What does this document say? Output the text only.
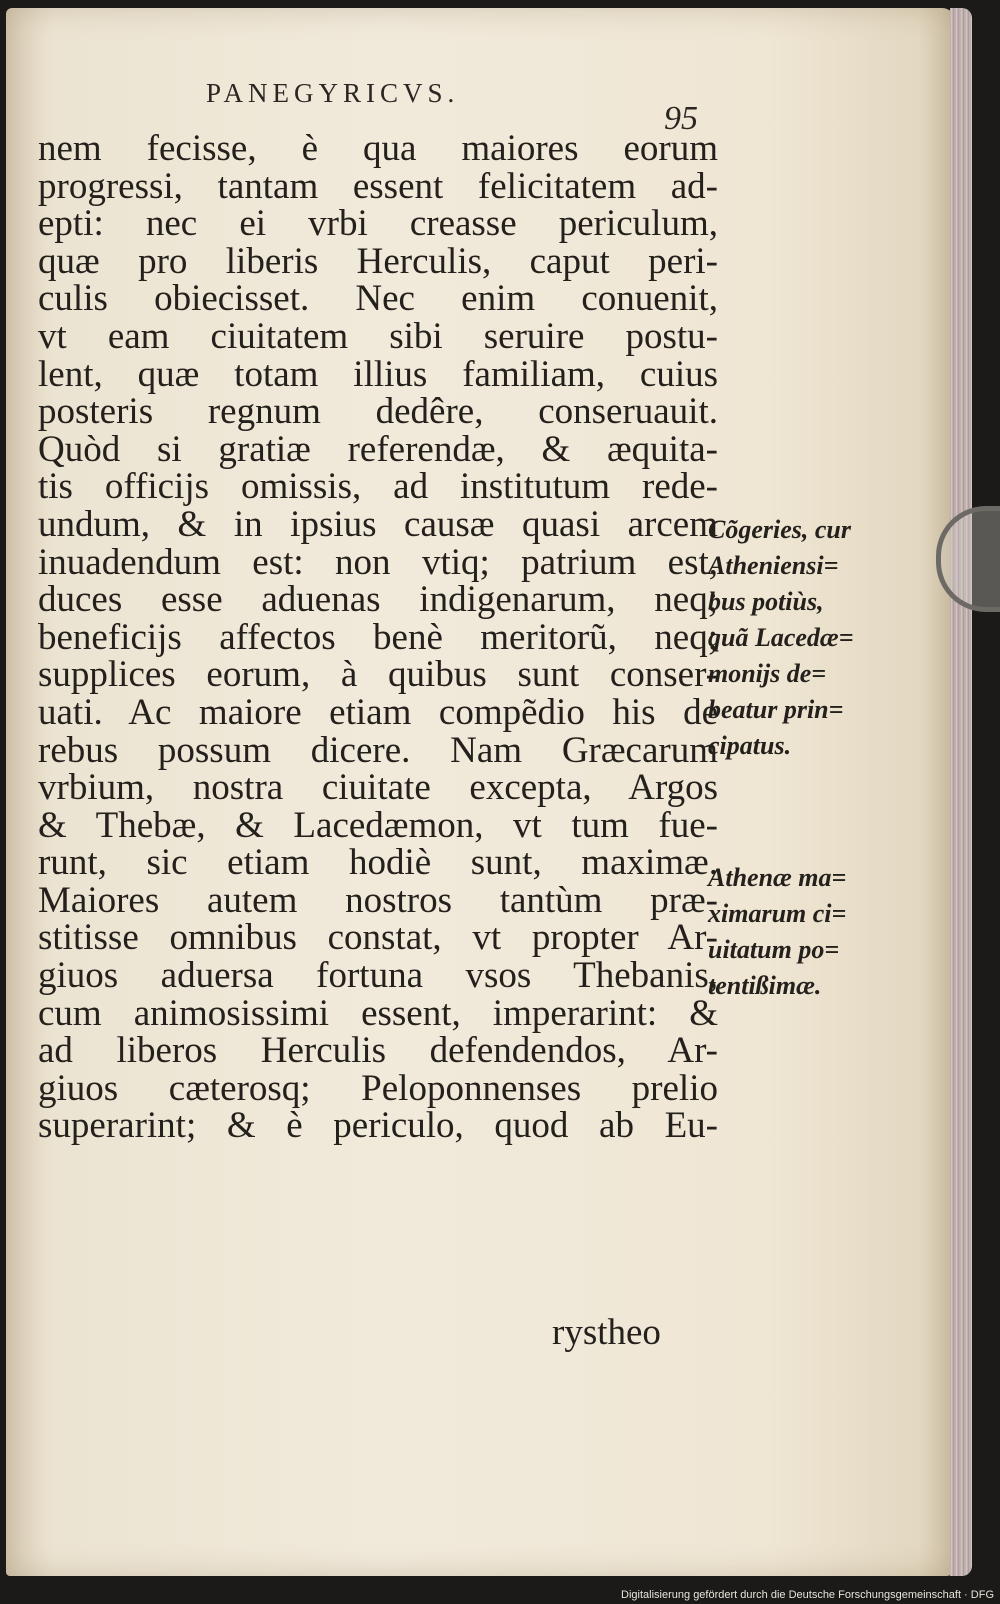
PANEGYRICVS.
95
nem fecisse, è qua maiores eorum
progressi, tantam essent felicitatem ad-
epti: nec ei vrbi creasse periculum,
quæ pro liberis Herculis, caput peri-
culis obiecisset. Nec enim conuenit,
vt eam ciuitatem sibi seruire postu-
lent, quæ totam illius familiam, cuius
posteris regnum dedêre, conseruauit.
Quòd si gratiæ referendæ, & æquita-
tis officijs omissis, ad institutum rede-
undum, & in ipsius causæ quasi arcem
inuadendum est: non vtiq; patrium est,
duces esse aduenas indigenarum, neq;
beneficijs affectos benè meritorũ, neq;
supplices eorum, à quibus sunt conser-
uati. Ac maiore etiam compẽdio his de
rebus possum dicere. Nam Græcarum
vrbium, nostra ciuitate excepta, Argos
& Thebæ, & Lacedæmon, vt tum fue-
runt, sic etiam hodiè sunt, maximæ.
Maiores autem nostros tantùm præ-
stitisse omnibus constat, vt propter Ar-
giuos aduersa fortuna vsos Thebanis,
cum animosissimi essent, imperarint: &
ad liberos Herculis defendendos, Ar-
giuos cæterosq; Peloponnenses prelio
superarint; & è periculo, quod ab Eu-
rystheo
Cõgeries, cur
Atheniensi=
bus potiùs,
quã Lacedæ=
monijs de=
beatur prin=
cipatus.
Athenæ ma=
ximarum ci=
uitatum po=
tentißimæ.
Digitalisierung gefördert durch die Deutsche Forschungsgemeinschaft · DFG
